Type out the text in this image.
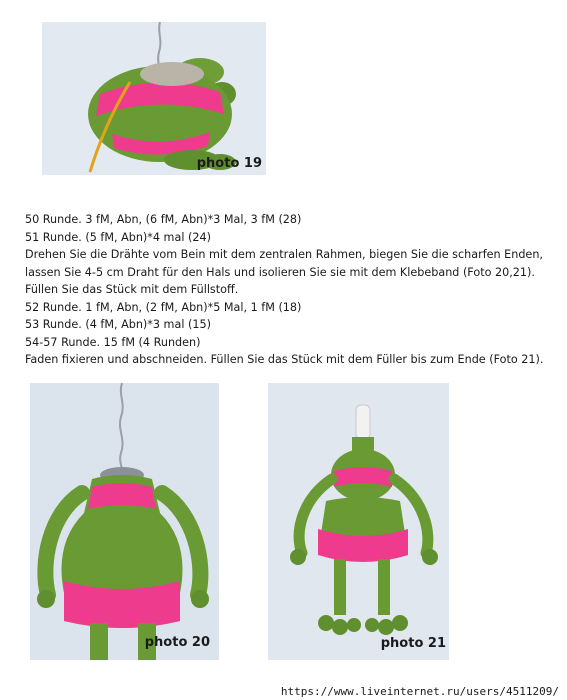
photo 19
50 Runde. 3 fM, Abn, (6 fM, Abn)*3 Mal, 3 fM (28)
51 Runde. (5 fM, Abn)*4 mal (24)
Drehen Sie die Drähte vom Bein mit dem zentralen Rahmen, biegen Sie die scharfen Enden,
lassen Sie 4-5 cm Draht für den Hals und isolieren Sie sie mit dem Klebeband (Foto 20,21).
Füllen Sie das Stück mit dem Füllstoff.
52 Runde. 1 fM, Abn, (2 fM, Abn)*5 Mal, 1 fM (18)
53 Runde. (4 fM, Abn)*3 mal (15)
54-57 Runde. 15 fM (4 Runden)
Faden fixieren und abschneiden. Füllen Sie das Stück mit dem Füller bis zum Ende (Foto 21).
photo 20	photo 21
https://www.liveinternet.ru/users/4511209/
